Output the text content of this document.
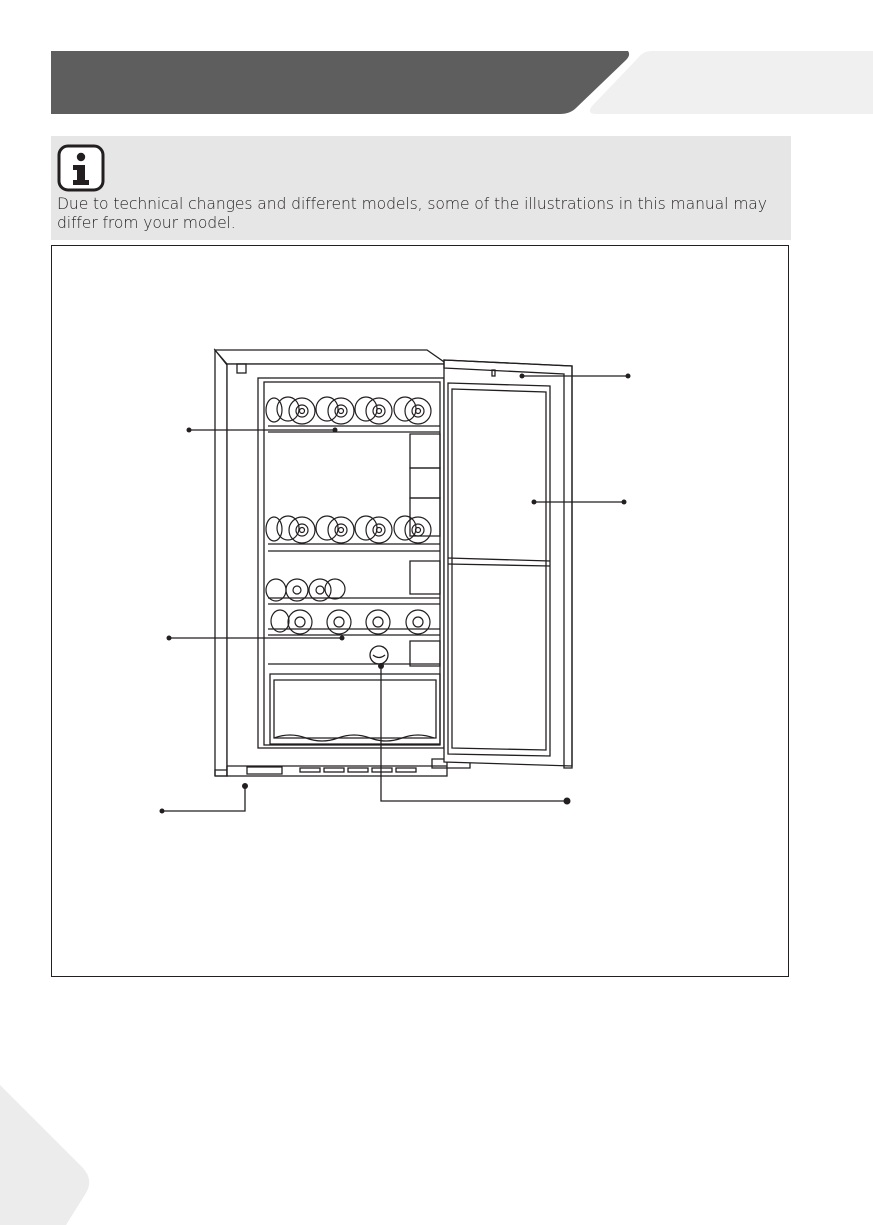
Due to technical changes and different models, some of the illustrations in this manual may differ from your model.
